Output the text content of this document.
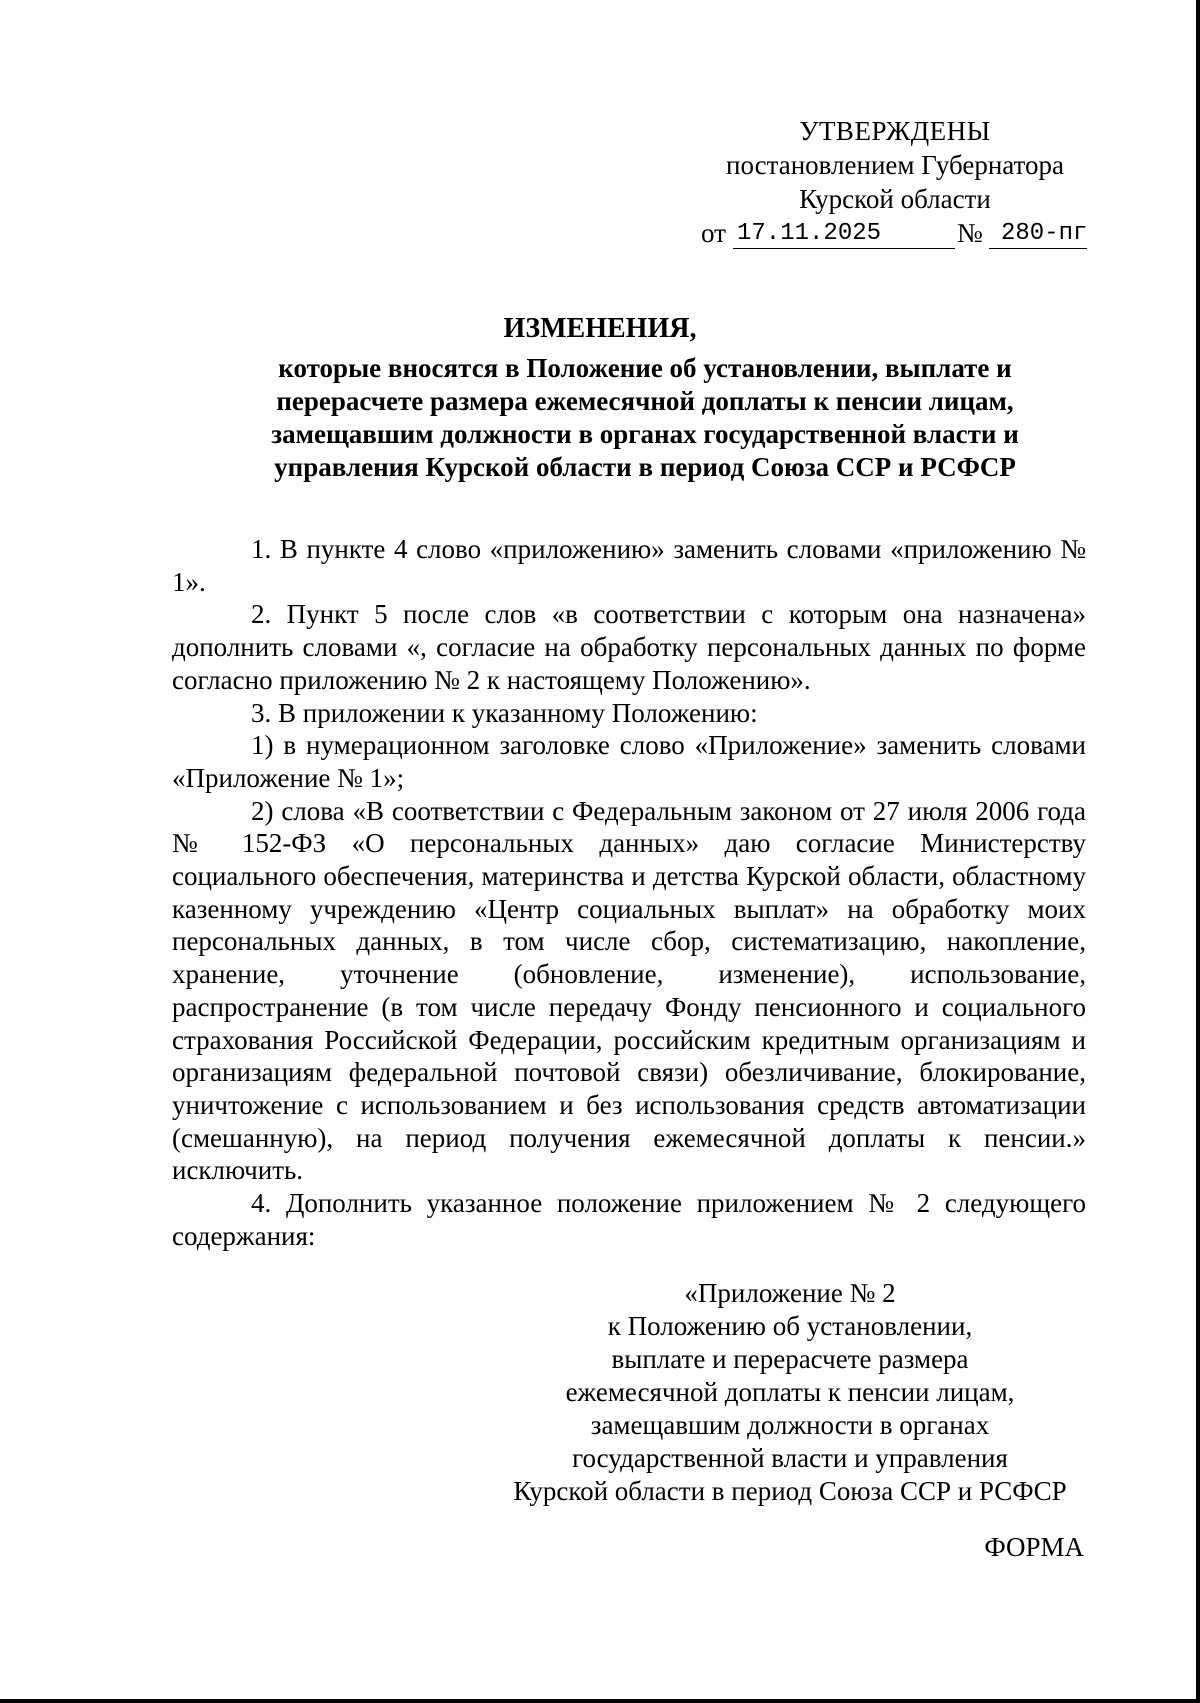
УТВЕРЖДЕНЫ
постановлением Губернатора
Курской области
от 17.11.2025	№ 280-пг
ИЗМЕНЕНИЯ,
которые вносятся в Положение об установлении, выплате и
перерасчете размера ежемесячной доплаты к пенсии лицам,
замещавшим должности в органах государственной власти и
управления Курской области в период Союза ССР и РСФСР

1. В пункте 4 слово «приложению» заменить словами «приложению № 1».

2. Пункт 5 после слов «в соответствии с которым она назначена» дополнить словами «, согласие на обработку персональных данных по форме согласно приложению № 2 к настоящему Положению».

3. В приложении к указанному Положению:

1) в нумерационном заголовке слово «Приложение» заменить словами «Приложение № 1»;

2) слова «В соответствии с Федеральным законом от 27 июля 2006 года № 152-ФЗ «О персональных данных» даю согласие Министерству социального обеспечения, материнства и детства Курской области, областному казенному учреждению «Центр социальных выплат» на обработку моих персональных данных, в том числе сбор, систематизацию, накопление, хранение, уточнение (обновление, изменение), использование, распространение (в том числе передачу Фонду пенсионного и социального страхования Российской Федерации, российским кредитным организациям и организациям федеральной почтовой связи) обезличивание, блокирование, уничтожение с использованием и без использования средств автоматизации (смешанную), на период получения ежемесячной доплаты к пенсии.» исключить.

4. Дополнить указанное положение приложением № 2 следующего содержания:

«Приложение № 2
к Положению об установлении,
выплате и перерасчете размера
ежемесячной доплаты к пенсии лицам,
замещавшим должности в органах
государственной власти и управления
Курской области в период Союза ССР и РСФСР
ФОРМА
